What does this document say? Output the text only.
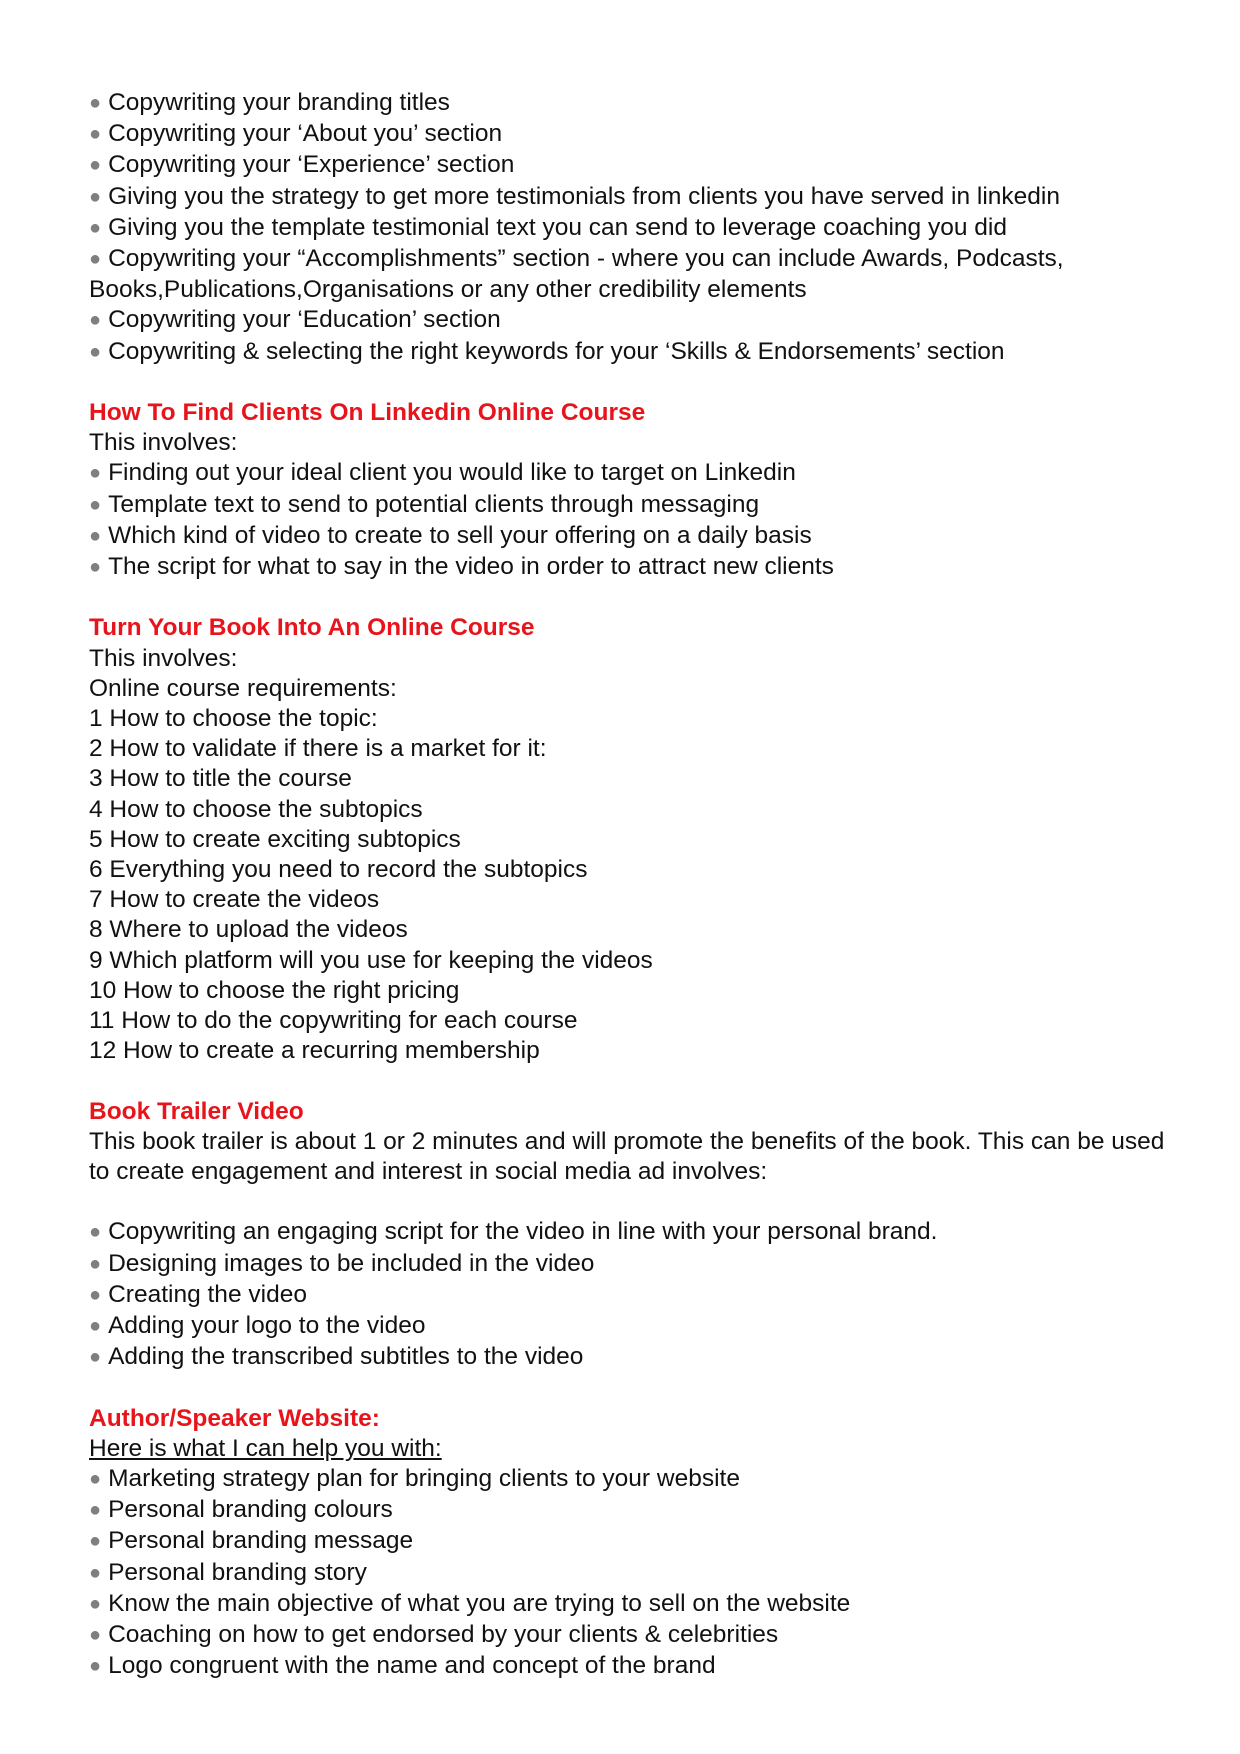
● Copywriting your branding titles

● Copywriting your ‘About you’ section

● Copywriting your ‘Experience’ section

● Giving you the strategy to get more testimonials from clients you have served in linkedin

● Giving you the template testimonial text you can send to leverage coaching you did

● Copywriting your “Accomplishments” section - where you can include Awards, Podcasts, Books,Publications,Organisations or any other credibility elements

● Copywriting your ‘Education’ section

● Copywriting & selecting the right keywords for your ‘Skills & Endorsements’ section

How To Find Clients On Linkedin Online Course

This involves:

● Finding out your ideal client you would like to target on Linkedin

● Template text to send to potential clients through messaging

● Which kind of video to create to sell your offering on a daily basis

● The script for what to say in the video in order to attract new clients

Turn Your Book Into An Online Course

This involves:

Online course requirements:

1 How to choose the topic:

2 How to validate if there is a market for it:

3 How to title the course

4 How to choose the subtopics

5 How to create exciting subtopics

6 Everything you need to record the subtopics

7 How to create the videos

8 Where to upload the videos

9 Which platform will you use for keeping the videos

10 How to choose the right pricing

11 How to do the copywriting for each course

12 How to create a recurring membership

Book Trailer Video

This book trailer is about 1 or 2 minutes and will promote the benefits of the book. This can be used to create engagement and interest in social media ad involves:

● Copywriting an engaging script for the video in line with your personal brand.

● Designing images to be included in the video

● Creating the video

● Adding your logo to the video

● Adding the transcribed subtitles to the video

Author/Speaker Website:

Here is what I can help you with:

● Marketing strategy plan for bringing clients to your website

● Personal branding colours

● Personal branding message

● Personal branding story

● Know the main objective of what you are trying to sell on the website

● Coaching on how to get endorsed by your clients & celebrities

● Logo congruent with the name and concept of the brand
